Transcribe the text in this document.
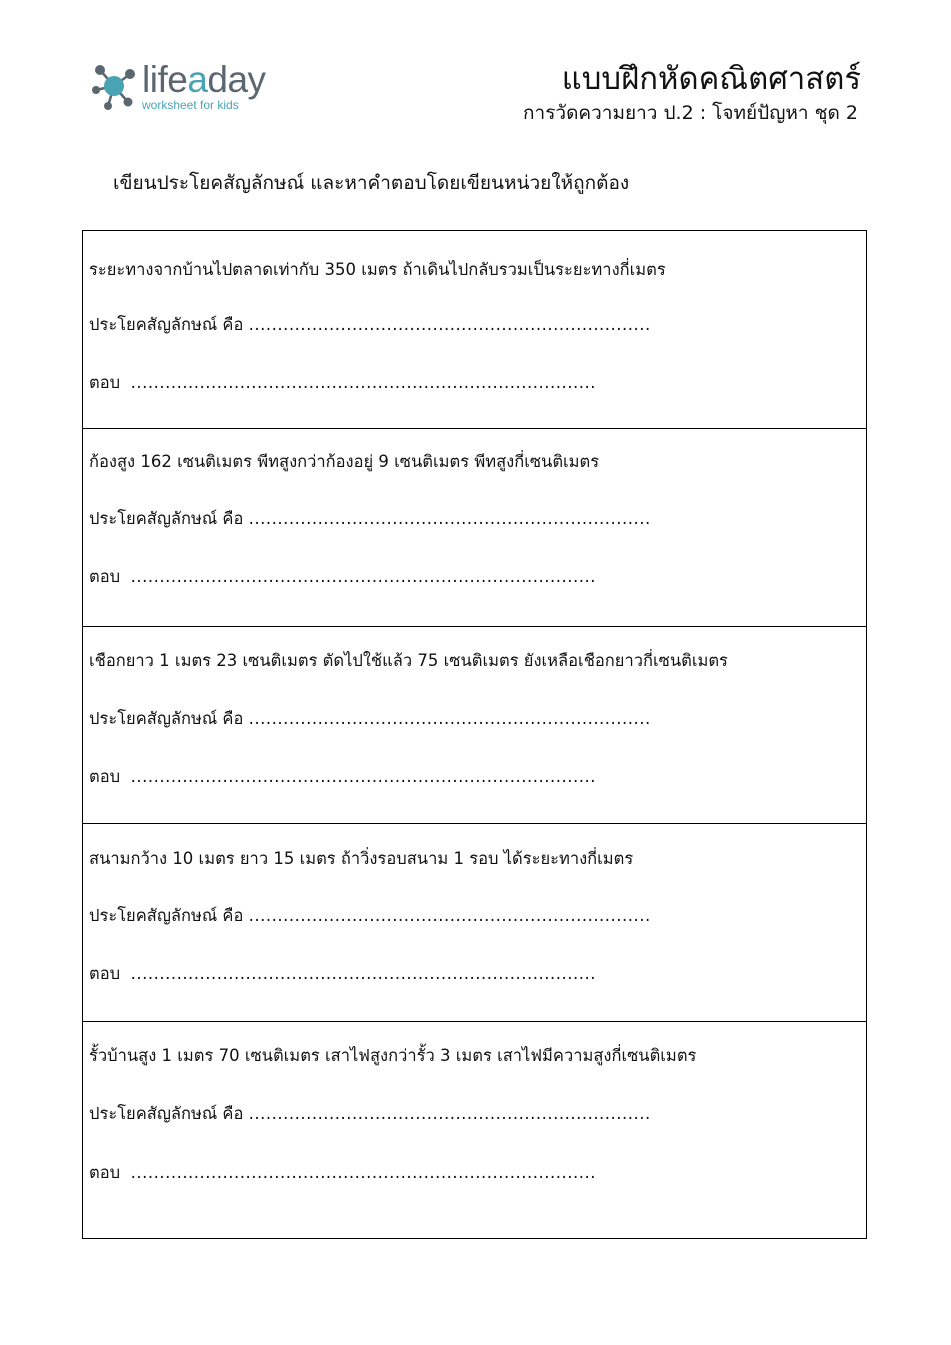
lifeaday
worksheet for kids
แบบฝึกหัดคณิตศาสตร์
การวัดความยาว ป.2 : โจทย์ปัญหา ชุด 2
เขียนประโยคสัญลักษณ์ และหาคำตอบโดยเขียนหน่วยให้ถูกต้อง
ระยะทางจากบ้านไปตลาดเท่ากับ 350 เมตร ถ้าเดินไปกลับรวมเป็นระยะทางกี่เมตร
ประโยคสัญลักษณ์ คือ ......................................................................
ตอบ .................................................................................
ก้องสูง 162 เซนติเมตร พีทสูงกว่าก้องอยู่ 9 เซนติเมตร พีทสูงกี่เซนติเมตร
ประโยคสัญลักษณ์ คือ ......................................................................
ตอบ .................................................................................
เชือกยาว 1 เมตร 23 เซนติเมตร ตัดไปใช้แล้ว 75 เซนติเมตร ยังเหลือเชือกยาวกี่เซนติเมตร
ประโยคสัญลักษณ์ คือ ......................................................................
ตอบ .................................................................................
สนามกว้าง 10 เมตร ยาว 15 เมตร ถ้าวิ่งรอบสนาม 1 รอบ ได้ระยะทางกี่เมตร
ประโยคสัญลักษณ์ คือ ......................................................................
ตอบ .................................................................................
รั้วบ้านสูง 1 เมตร 70 เซนติเมตร เสาไฟสูงกว่ารั้ว 3 เมตร เสาไฟมีความสูงกี่เซนติเมตร
ประโยคสัญลักษณ์ คือ ......................................................................
ตอบ .................................................................................
